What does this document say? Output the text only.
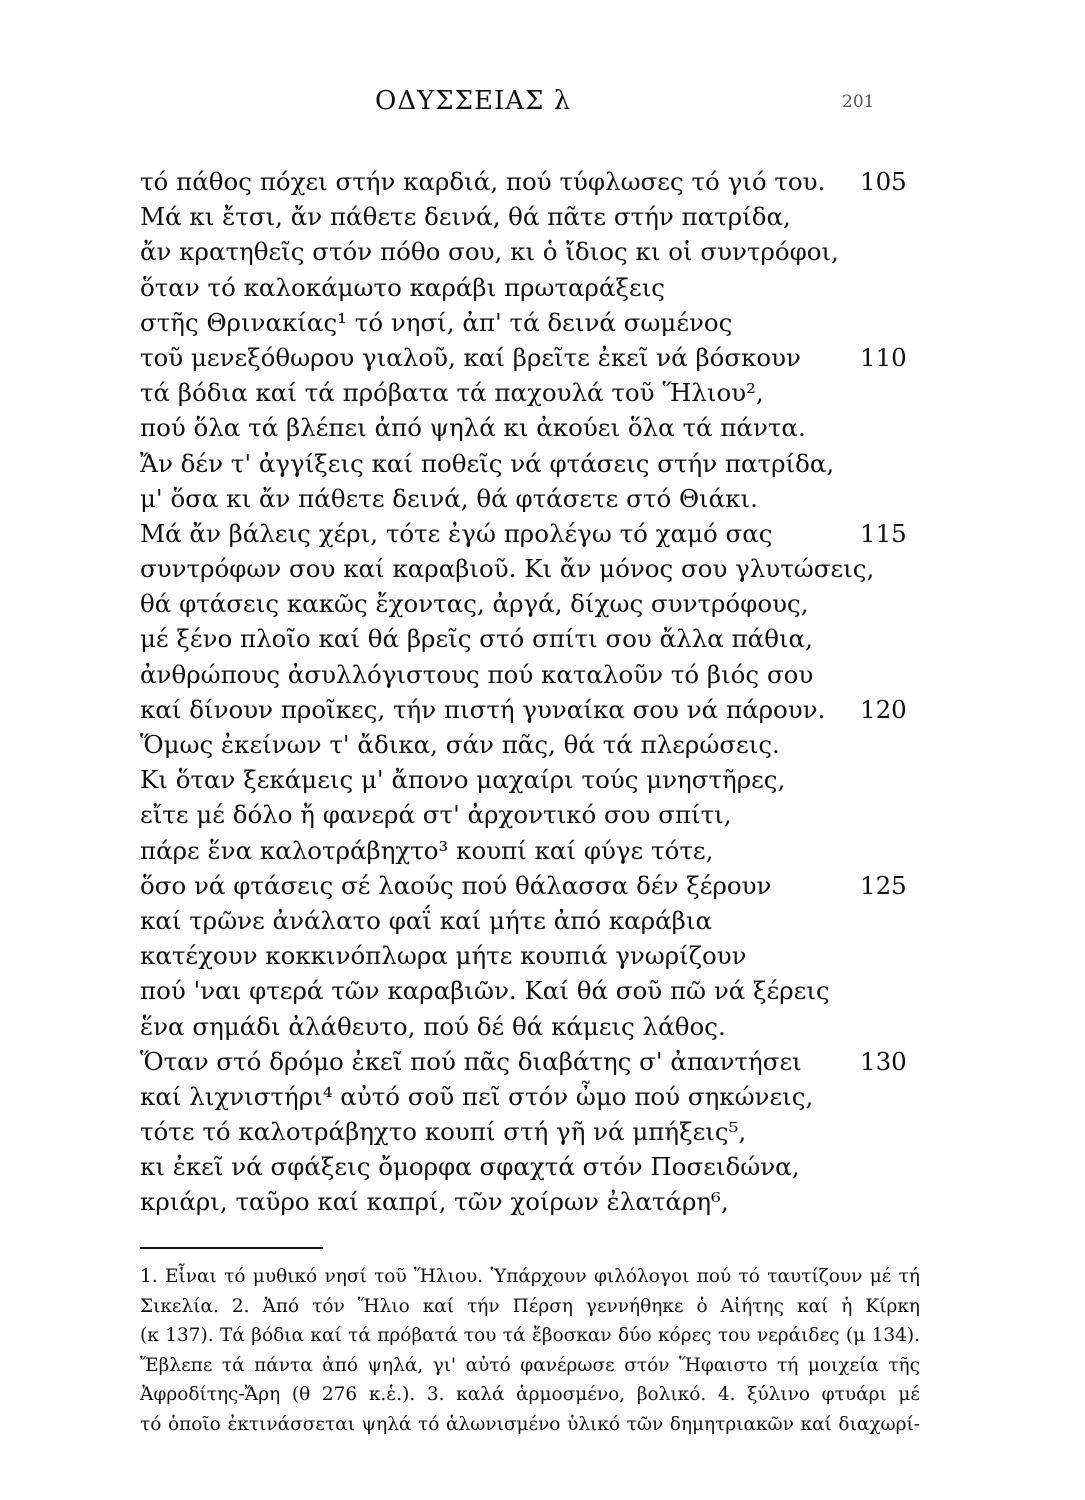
ΟΔΥΣΣΕΙΑΣ λ	201
τό πάθος πόχει στήν καρδιά, πού τύφλωσες τό γιό του. 105
Μά κι ἔτσι, ἄν πάθετε δεινά, θά πᾶτε στήν πατρίδα,
ἄν κρατηθεῖς στόν πόθο σου, κι ὁ ἴδιος κι οἱ συντρόφοι,
ὅταν τό καλοκάμωτο καράβι πρωταράξεις
στῆς Θρινακίας¹ τό νησί, ἀπ' τά δεινά σωμένος
τοῦ μενεξόθωρου γιαλοῦ, καί βρεῖτε ἐκεῖ νά βόσκουν 110
τά βόδια καί τά πρόβατα τά παχουλά τοῦ Ἥλιου²,
πού ὅλα τά βλέπει ἀπό ψηλά κι ἀκούει ὅλα τά πάντα.
Ἄν δέν τ' ἀγγίξεις καί ποθεῖς νά φτάσεις στήν πατρίδα,
μ' ὅσα κι ἄν πάθετε δεινά, θά φτάσετε στό Θιάκι.
Μά ἄν βάλεις χέρι, τότε ἐγώ προλέγω τό χαμό σας	115
συντρόφων σου καί καραβιοῦ. Κι ἄν μόνος σου γλυτώσεις,
θά φτάσεις κακῶς ἔχοντας, ἀργά, δίχως συντρόφους,
μέ ξένο πλοῖο καί θά βρεῖς στό σπίτι σου ἄλλα πάθια,
ἀνθρώπους ἀσυλλόγιστους πού καταλοῦν τό βιός σου
καί δίνουν προῖκες, τήν πιστή γυναίκα σου νά πάρουν. 120
Ὅμως ἐκείνων τ' ἄδικα, σάν πᾶς, θά τά πλερώσεις.
Κι ὅταν ξεκάμεις μ' ἄπονο μαχαίρι τούς μνηστῆρες,
εἴτε μέ δόλο ἤ φανερά στ' ἀρχοντικό σου σπίτι,
πάρε ἕνα καλοτράβηχτο³ κουπί καί φύγε τότε,
ὅσο νά φτάσεις σέ λαούς πού θάλασσα δέν ξέρουν	125
καί τρῶνε ἀνάλατο φαΐ καί μήτε ἀπό καράβια
κατέχουν κοκκινόπλωρα μήτε κουπιά γνωρίζουν
πού 'ναι φτερά τῶν καραβιῶν. Καί θά σοῦ πῶ νά ξέρεις
ἕνα σημάδι ἀλάθευτο, πού δέ θά κάμεις λάθος.
Ὅταν στό δρόμο ἐκεῖ πού πᾶς διαβάτης σ' ἀπαντήσει 130
καί λιχνιστήρι⁴ αὐτό σοῦ πεῖ στόν ὦμο πού σηκώνεις,
τότε τό καλοτράβηχτο κουπί στή γῆ νά μπήξεις⁵,
κι ἐκεῖ νά σφάξεις ὄμορφα σφαχτά στόν Ποσειδώνα,
κριάρι, ταῦρο καί καπρί, τῶν χοίρων ἐλατάρη⁶,
1. Εἶναι τό μυθικό νησί τοῦ Ἥλιου. Ὑπάρχουν φιλόλογοι πού τό ταυτίζουν μέ τή
Σικελία. 2. Ἀπό τόν Ἥλιο καί τήν Πέρση γεννήθηκε ὁ Αἰήτης καί ἡ Κίρκη
(κ 137). Τά βόδια καί τά πρόβατά του τά ἔβοσκαν δύο κόρες του νεράιδες (μ 134).
Ἔβλεπε τά πάντα ἀπό ψηλά, γι' αὐτό φανέρωσε στόν Ἥφαιστο τή μοιχεία τῆς
Ἀφροδίτης-Ἄρη (θ 276 κ.ἑ.). 3. καλά ἁρμοσμένο, βολικό. 4. ξύλινο φτυάρι μέ
τό ὁποῖο ἐκτινάσσεται ψηλά τό ἁλωνισμένο ὑλικό τῶν δημητριακῶν καί διαχωρί-
